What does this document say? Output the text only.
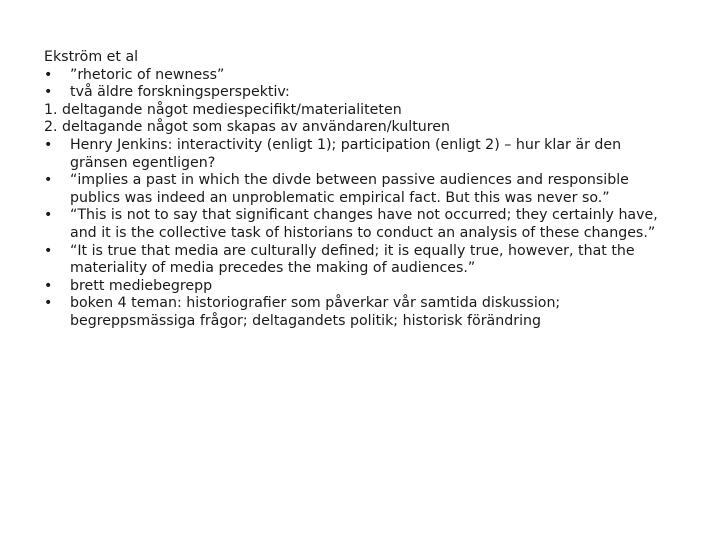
Ekström et al

•
”rhetoric of newness”
•
två äldre forskningsperspektiv:

1. deltagande något mediespecifikt/materialiteten

2. deltagande något som skapas av användaren/kulturen

•
Henry Jenkins: interactivity (enligt 1); participation (enligt 2) – hur klar är den gränsen egentligen?
•
“implies a past in which the divde between passive audiences and responsible publics was indeed an unproblematic empirical fact. But this was never so.”
•
“This is not to say that significant changes have not occurred; they certainly have, and it is the collective task of historians to conduct an analysis of these changes.”
•
“It is true that media are culturally defined; it is equally true, however, that the materiality of media precedes the making of audiences.”
•
brett mediebegrepp
•
boken 4 teman: historiografier som påverkar vår samtida diskussion; begreppsmässiga frågor; deltagandets politik; historisk förändring
